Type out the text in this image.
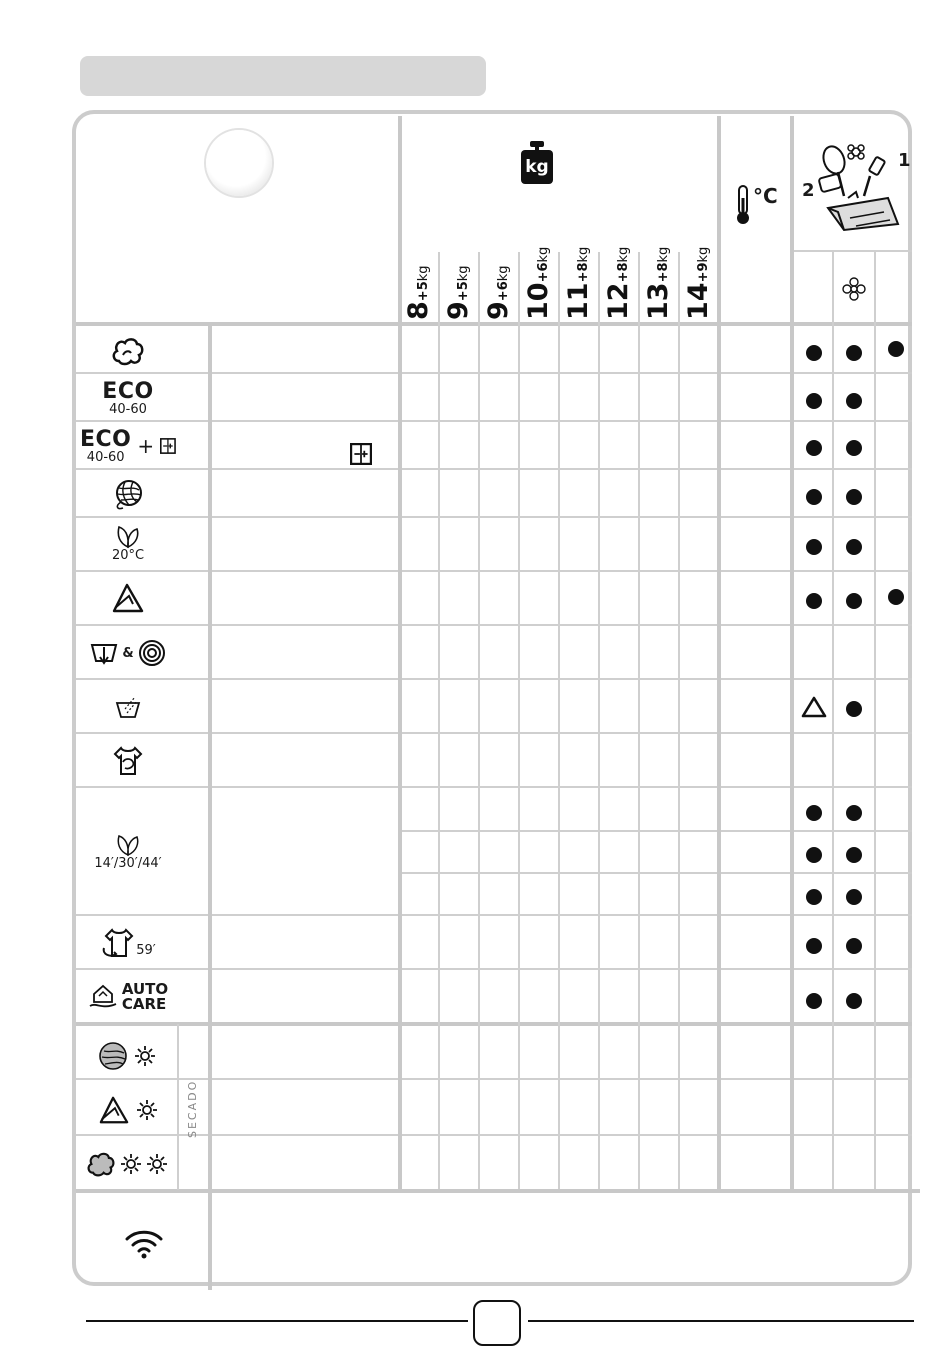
kg
°C
1
2
8+5kg
9+5kg
9+6kg
10+6kg
11+8kg
12+8kg
13+8kg
14+9kg
ECO
40-60
ECO
40-60 +
20°C
&
14′/30′/44′
59′
AUTO
CARE
SECADO
